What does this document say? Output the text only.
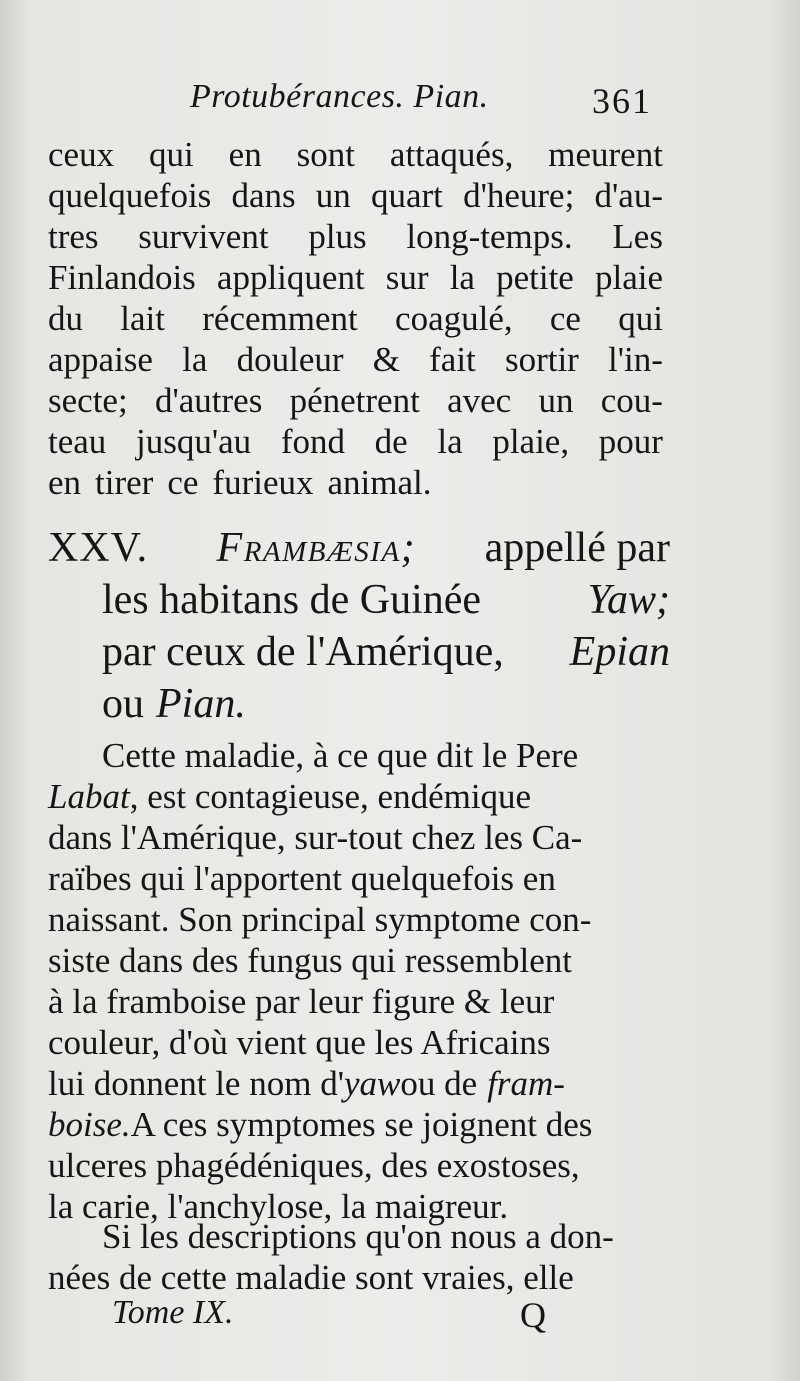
Protubérances. Pian.	361
ceux qui en sont attaqués, meurent
quelquefois dans un quart d'heure; d'au-
tres survivent plus long-temps. Les
Finlandois appliquent sur la petite plaie
du lait récemment coagulé, ce qui
appaise la douleur & fait sortir l'in-
secte; d'autres pénetrent avec un cou-
teau jusqu'au fond de la plaie, pour
en tirer ce furieux animal.
XXV. Frambæsia; appellé par
les habitans de Guinée	Yaw;
par ceux de l'Amérique, Epian
ou Pian.
Cette maladie, à ce que dit le Pere
Labat , est contagieuse, endémique
dans l'Amérique, sur-tout chez les Ca-
raïbes qui l'apportent quelquefois en
naissant. Son principal symptome con-
siste dans des fungus qui ressemblent
à la framboise par leur figure & leur
couleur, d'où vient que les Africains
lui donnent le nom d' yaw ou de fram-
boise. A ces symptomes se joignent des
ulceres phagédéniques, des exostoses,
la carie, l'anchylose, la maigreur.
Si les descriptions qu'on nous a don-
nées de cette maladie sont vraies, elle
Tome IX.	Q
